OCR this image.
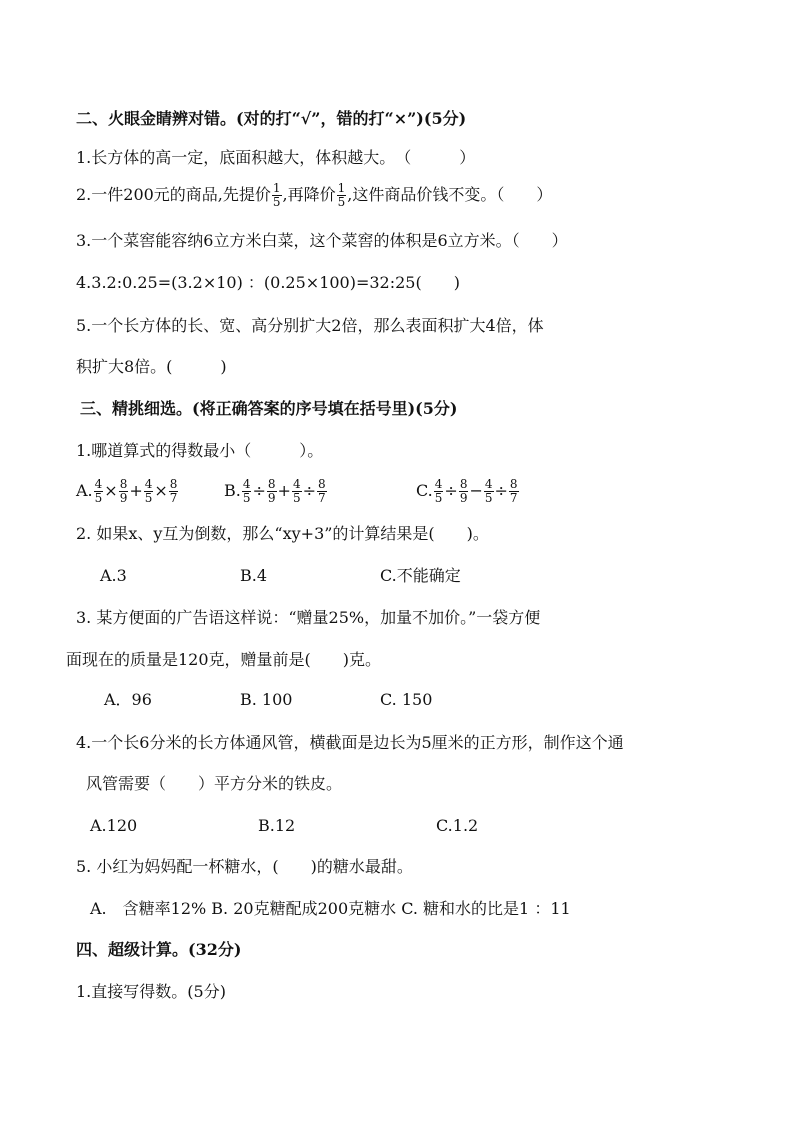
二、火眼金睛辨对错。(对的打“√”，错的打“×”)(5分)
1.长方体的高一定，底面积越大，体积越大。　（　　　）
2.一件200元的商品,先提价 $\frac{1}{5}$ ,再降价 $\frac{1}{5}$ ,这件商品价钱不变。（　　）
3.一个菜窖能容纳6立方米白菜，这个菜窖的体积是6立方米。（　　）
4.3.2:0.25=(3.2×10) ：(0.25×100)=32:25(　　)
5.一个长方体的长、宽、高分别扩大2倍，那么表面积扩大4倍，体
积扩大8倍。(　　　)
三、精挑细选。(将正确答案的序号填在括号里)(5分)
1.哪道算式的得数最小（　　　）。
A. $\frac{4}{5} \times \frac{8}{9} + \frac{4}{5} \times \frac{8}{7}$	B. $\frac{4}{5} \div \frac{8}{9} + \frac{4}{5} \div \frac{8}{7}$	C. $\frac{4}{5} \div \frac{8}{9} - \frac{4}{5} \div \frac{8}{7}$
2. 如果x、y互为倒数，那么“xy+3”的计算结果是(　　)。
A.3	B.4	C.不能确定
3. 某方便面的广告语这样说：“赠量25%，加量不加价。”一袋方便
面现在的质量是120克，赠量前是(　　)克。
A．96	B. 100	C. 150
4.一个长6分米的长方体通风管，横截面是边长为5厘米的正方形，制作这个通
风管需要（　　）平方分米的铁皮。
A.120	B.12	C.1.2
5. 小红为妈妈配一杯糖水，(　　)的糖水最甜。
A.　含糖率12% B. 20克糖配成200克糖水 C. 糖和水的比是1 ：11
四、超级计算。(32分)
1.直接写得数。(5分)
